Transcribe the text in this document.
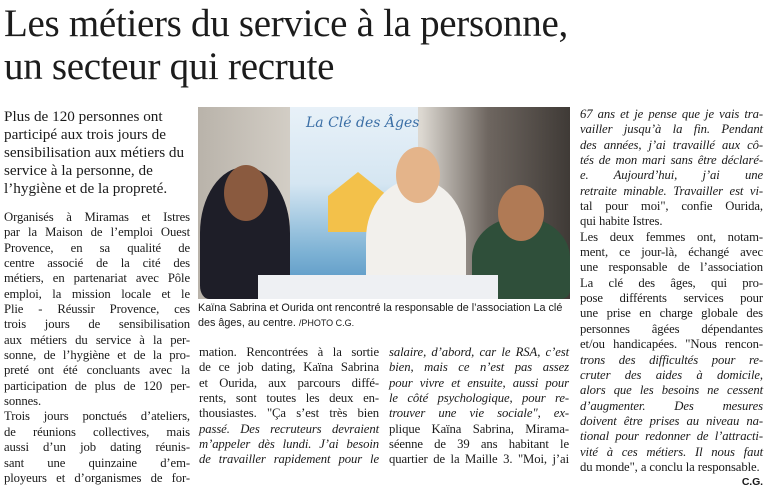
Les métiers du service à la personne,
un secteur qui recrute
Plus de 120 personnes ont participé aux trois jours de sensibilisation aux métiers du service à la personne, de l’hygiène et de la propreté.

Organisés à Miramas et Istres

par la Maison de l’emploi Ouest

Provence, en sa qualité de

centre associé de la cité des

métiers, en partenariat avec Pôle

emploi, la mission locale et le

Plie - Réussir Provence, ces

trois jours de sensibilisation

aux métiers du service à la per-

sonne, de l’hygiène et de la pro-

preté ont été concluants avec la

participation de plus de 120 per-

sonnes.

Trois jours ponctués d’ateliers,

de réunions collectives, mais

aussi d’un job dating réunis-

sant une quinzaine d’em-

ployeurs et d’organismes de for-

La Clé des Âges
Kaïna Sabrina et Ourida ont rencontré la responsable de l’association La clé des âges, au centre. /PHOTO C.G.

mation. Rencontrées à la sortie

de ce job dating, Kaïna Sabrina

et Ourida, aux parcours diffé-

rents, sont toutes les deux en-

thousiastes. "Ça s’est très bien

passé. Des recruteurs devraient

m’appeler dès lundi. J’ai besoin

de travailler rapidement pour le

salaire, d’abord, car le RSA, c’est

bien, mais ce n’est pas assez

pour vivre et ensuite, aussi pour

le côté psychologique, pour re-

trouver une vie sociale", ex-

plique Kaïna Sabrina, Mirama-

séenne de 39 ans habitant le

quartier de la Maille 3. "Moi, j’ai

67 ans et je pense que je vais tra-

vailler jusqu’à la fin. Pendant

des années, j’ai travaillé aux cô-

tés de mon mari sans être déclaré-

e. Aujourd’hui, j’ai une

retraite minable. Travailler est vi-

tal pour moi", confie Ourida,

qui habite Istres.

Les deux femmes ont, notam-

ment, ce jour-là, échangé avec

une responsable de l’association

La clé des âges, qui pro-

pose différents services pour

une prise en charge globale des

personnes âgées dépendantes

et/ou handicapées. "Nous rencon-

trons des difficultés pour re-

cruter des aides à domicile,

alors que les besoins ne cessent

d’augmenter. Des mesures

doivent être prises au niveau na-

tional pour redonner de l’attracti-

vité à ces métiers. Il nous faut

du monde", a conclu la responsable.
C.G.
